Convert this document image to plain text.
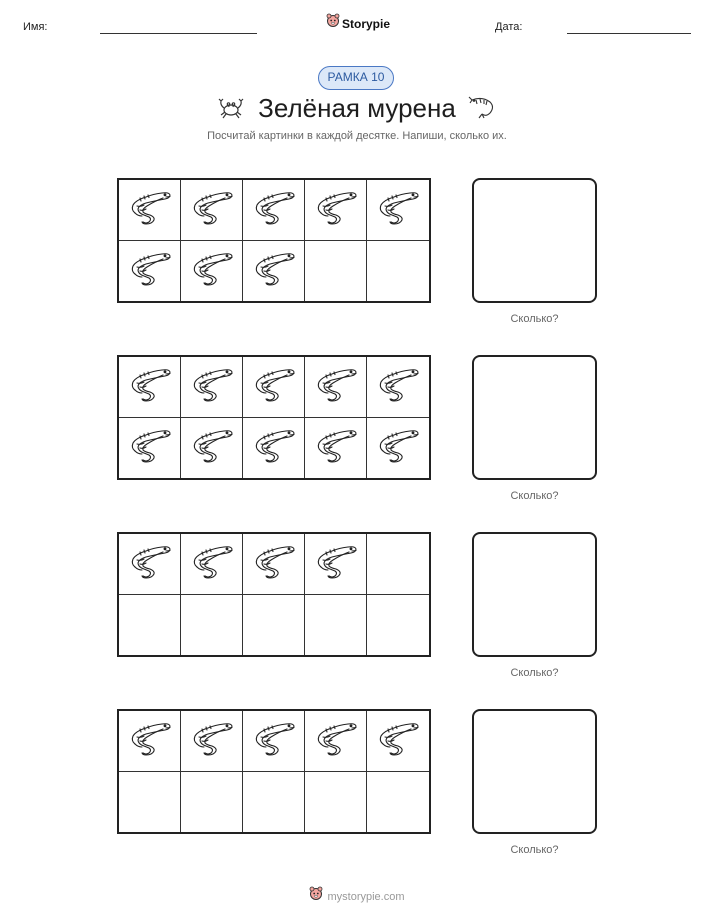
Имя:	Storypie	Дата:
РАМКА 10
Зелёная мурена
Посчитай картинки в каждой десятке. Напиши, сколько их.
Сколько?
Сколько?
Сколько?
Сколько?
mystorypie.com
